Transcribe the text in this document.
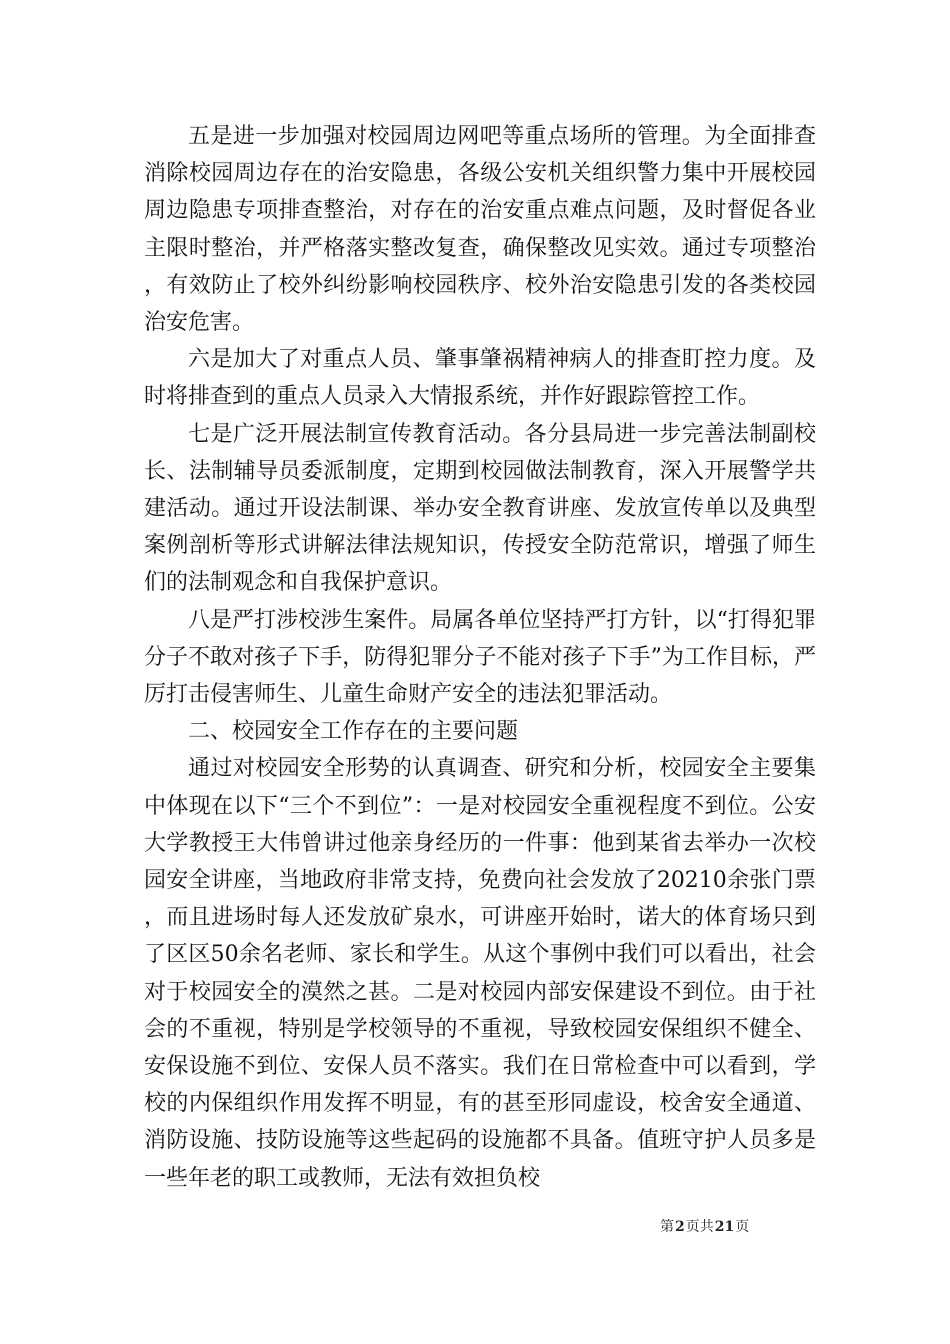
五是进一步加强对校园周边网吧等重点场所的管理。为全面排查消除校园周边存在的治安隐患，各级公安机关组织警力集中开展校园周边隐患专项排查整治，对存在的治安重点难点问题，及时督促各业主限时整治，并严格落实整改复查，确保整改见实效。通过专项整治，有效防止了校外纠纷影响校园秩序、校外治安隐患引发的各类校园治安危害。

六是加大了对重点人员、肇事肇祸精神病人的排查盯控力度。及时将排查到的重点人员录入大情报系统，并作好跟踪管控工作。

七是广泛开展法制宣传教育活动。各分县局进一步完善法制副校长、法制辅导员委派制度，定期到校园做法制教育，深入开展警学共建活动。通过开设法制课、举办安全教育讲座、发放宣传单以及典型案例剖析等形式讲解法律法规知识，传授安全防范常识，增强了师生们的法制观念和自我保护意识。

八是严打涉校涉生案件。局属各单位坚持严打方针，以“打得犯罪分子不敢对孩子下手，防得犯罪分子不能对孩子下手”为工作目标，严厉打击侵害师生、儿童生命财产安全的违法犯罪活动。

二、校园安全工作存在的主要问题

通过对校园安全形势的认真调查、研究和分析，校园安全主要集中体现在以下“三个不到位”：一是对校园安全重视程度不到位。公安大学教授王大伟曾讲过他亲身经历的一件事：他到某省去举办一次校园安全讲座，当地政府非常支持，免费向社会发放了20210余张门票，而且进场时每人还发放矿泉水，可讲座开始时，诺大的体育场只到了区区50余名老师、家长和学生。从这个事例中我们可以看出，社会对于校园安全的漠然之甚。二是对校园内部安保建设不到位。由于社会的不重视，特别是学校领导的不重视，导致校园安保组织不健全、安保设施不到位、安保人员不落实。我们在日常检查中可以看到，学校的内保组织作用发挥不明显，有的甚至形同虚设，校舍安全通道、消防设施、技防设施等这些起码的设施都不具备。值班守护人员多是一些年老的职工或教师，无法有效担负校

第2页共21页
